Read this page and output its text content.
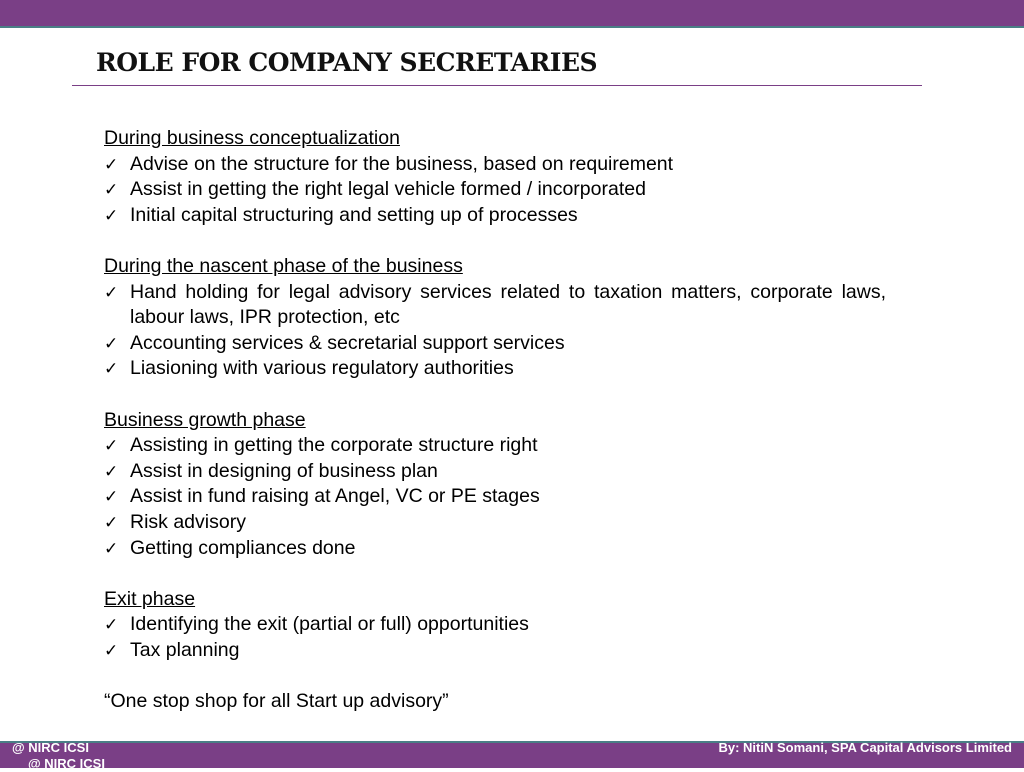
ROLE FOR COMPANY SECRETARIES
During business conceptualization
✓ Advise on the structure for the business, based on requirement
✓ Assist in getting the right legal vehicle formed / incorporated
✓ Initial capital structuring and setting up of processes
During the nascent phase of the business
✓ Hand holding for legal advisory services related to taxation matters, corporate laws, labour laws, IPR protection, etc
✓ Accounting services & secretarial support services
✓ Liasioning with various regulatory authorities
Business growth phase
✓ Assisting in getting the corporate structure right
✓ Assist in designing of business plan
✓ Assist in fund raising at Angel, VC or PE stages
✓ Risk advisory
✓ Getting compliances done
Exit phase
✓ Identifying the exit (partial or full) opportunities
✓ Tax planning
“One stop shop for all Start up advisory”
@ NIRC ICSI
@ NIRC ICSI
By: NitiN Somani, SPA Capital Advisors Limited
